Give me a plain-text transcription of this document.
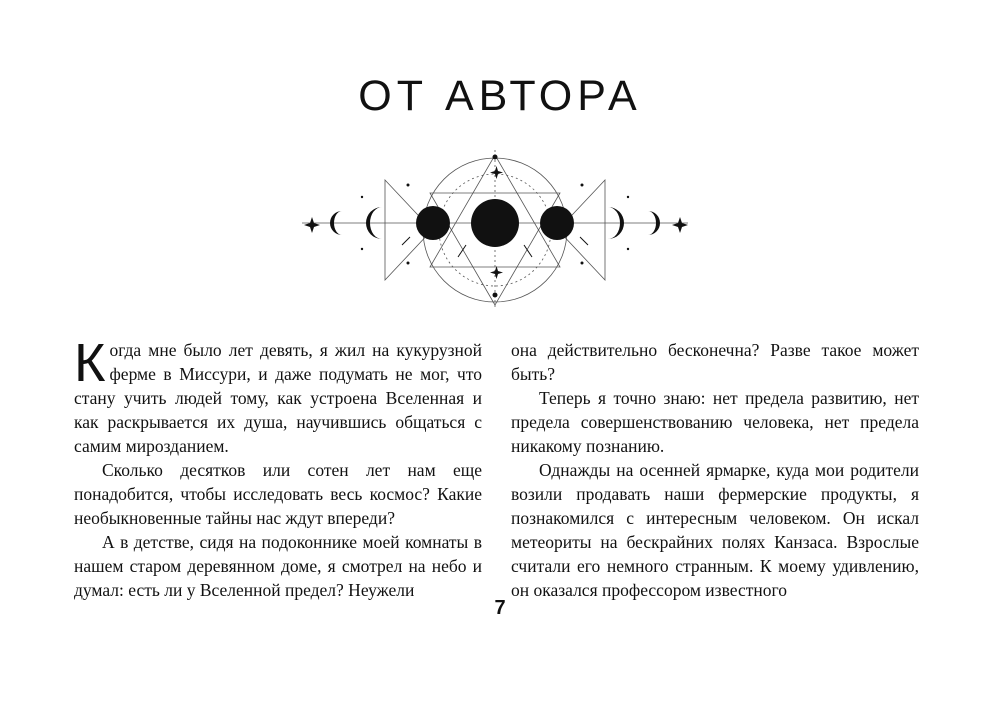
ОТ АВТОРА

Когда мне было лет девять, я жил на кукурузной ферме в Миссури, и даже подумать не мог, что стану учить людей тому, как устроена Вселенная и как раскрывается их душа, научившись общаться с самим мирозданием.

Сколько десятков или сотен лет нам еще понадобится, чтобы исследовать весь космос? Какие необыкновенные тайны нас ждут впереди?

А в детстве, сидя на подоконнике моей комнаты в нашем старом деревянном доме, я смотрел на небо и думал: есть ли у Вселенной предел? Неужели

она действительно бесконечна? Разве такое может быть?

Теперь я точно знаю: нет предела развитию, нет предела совершенствованию человека, нет предела никакому познанию.

Однажды на осенней ярмарке, куда мои родители возили продавать наши фермерские продукты, я познакомился с интересным человеком. Он искал метеориты на бескрайних полях Канзаса. Взрослые считали его немного странным. К моему удивлению, он оказался профессором известного

7
